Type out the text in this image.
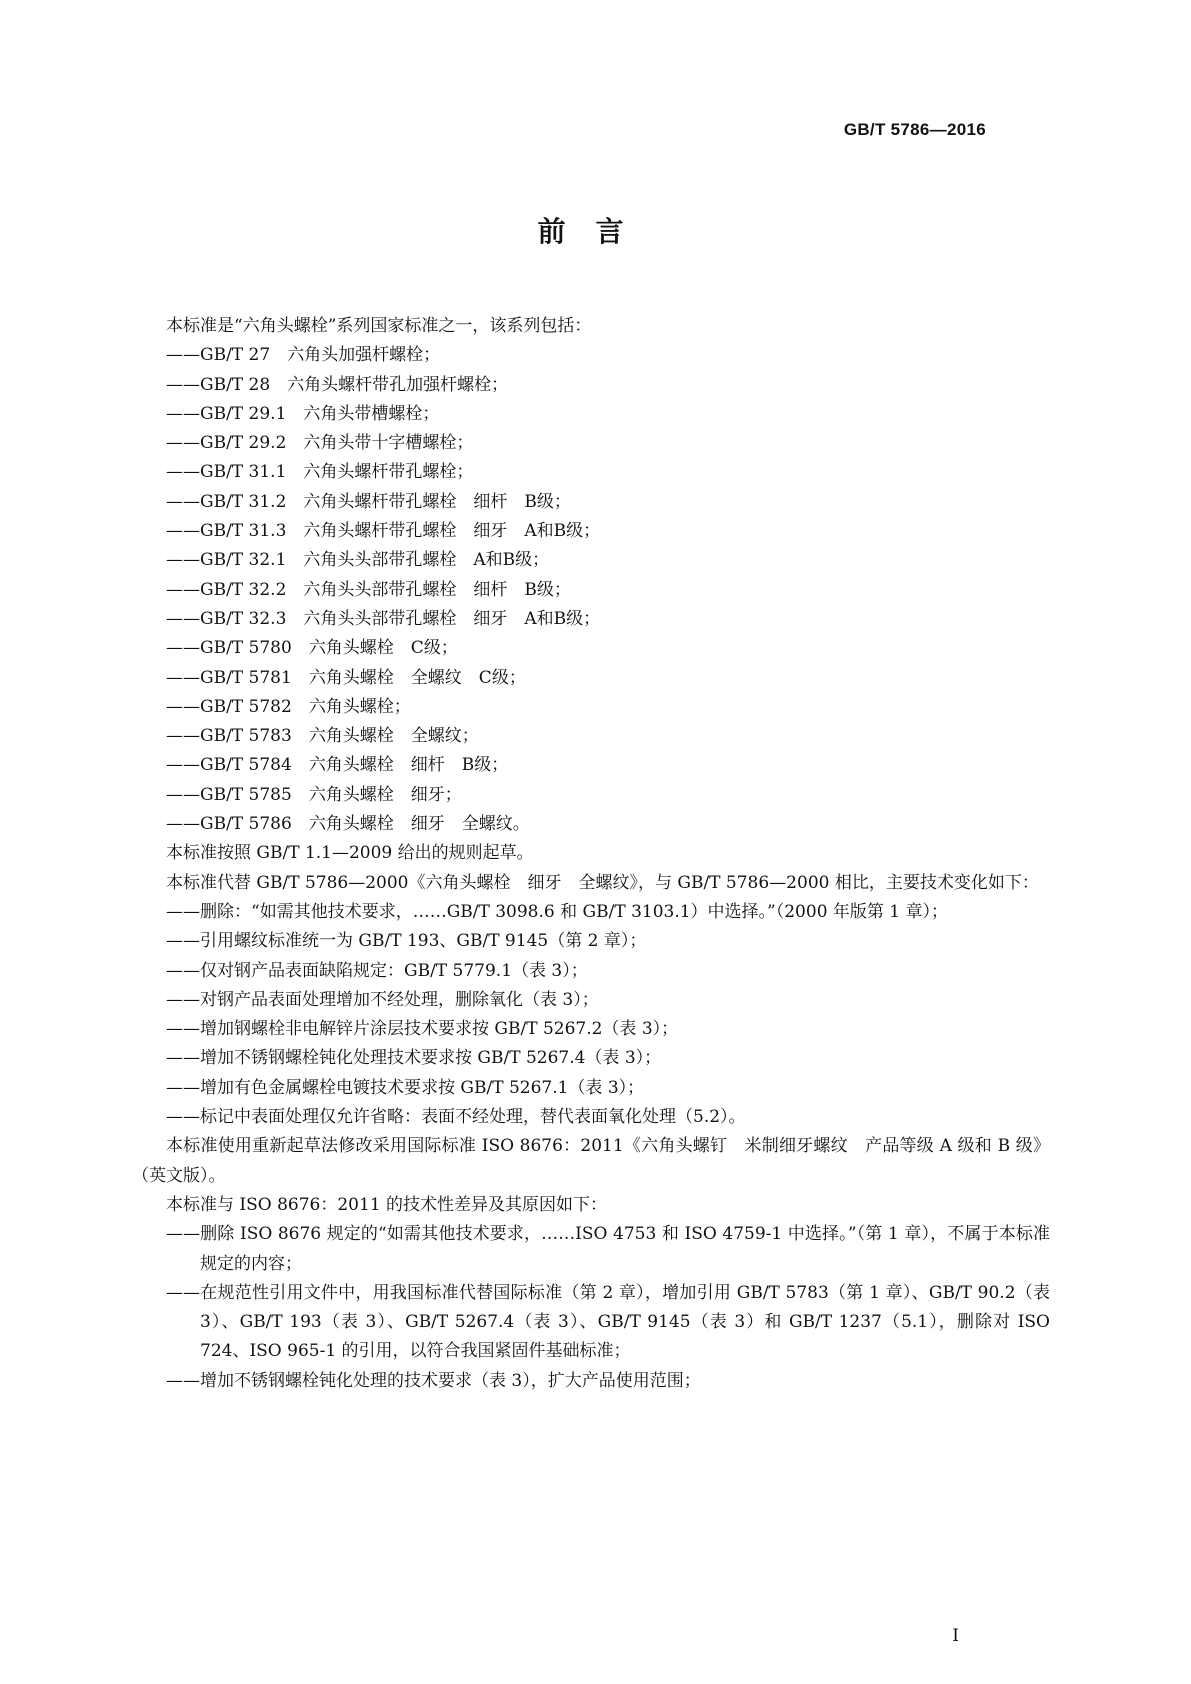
GB/T 5786—2016
前言

本标准是“六角头螺栓”系列国家标准之一，该系列包括：

——GB/T 27 六角头加强杆螺栓；
——GB/T 28 六角头螺杆带孔加强杆螺栓；
——GB/T 29.1 六角头带槽螺栓；
——GB/T 29.2 六角头带十字槽螺栓；
——GB/T 31.1 六角头螺杆带孔螺栓；
——GB/T 31.2 六角头螺杆带孔螺栓　细杆　B级；
——GB/T 31.3 六角头螺杆带孔螺栓　细牙　A和B级；
——GB/T 32.1 六角头头部带孔螺栓　A和B级；
——GB/T 32.2 六角头头部带孔螺栓　细杆　B级；
——GB/T 32.3 六角头头部带孔螺栓　细牙　A和B级；
——GB/T 5780 六角头螺栓　C级；
——GB/T 5781 六角头螺栓　全螺纹　C级；
——GB/T 5782 六角头螺栓；
——GB/T 5783 六角头螺栓　全螺纹；
——GB/T 5784 六角头螺栓　细杆　B级；
——GB/T 5785 六角头螺栓　细牙；
——GB/T 5786 六角头螺栓　细牙　全螺纹。

本标准按照 GB/T 1.1—2009 给出的规则起草。

本标准代替 GB/T 5786—2000《六角头螺栓　细牙　全螺纹》，与 GB/T 5786—2000 相比，主要技术变化如下：

——删除：“如需其他技术要求，……GB/T 3098.6 和 GB/T 3103.1）中选择。”（2000 年版第 1 章）；

——引用螺纹标准统一为 GB/T 193、GB/T 9145（第 2 章）；

——仅对钢产品表面缺陷规定：GB/T 5779.1（表 3）；

——对钢产品表面处理增加不经处理，删除氧化（表 3）；

——增加钢螺栓非电解锌片涂层技术要求按 GB/T 5267.2（表 3）；

——增加不锈钢螺栓钝化处理技术要求按 GB/T 5267.4（表 3）；

——增加有色金属螺栓电镀技术要求按 GB/T 5267.1（表 3）；

——标记中表面处理仅允许省略：表面不经处理，替代表面氧化处理（5.2）。

本标准使用重新起草法修改采用国际标准 ISO 8676：2011《六角头螺钉　米制细牙螺纹　产品等级 A 级和 B 级》（英文版）。

本标准与 ISO 8676：2011 的技术性差异及其原因如下：

——删除 ISO 8676 规定的“如需其他技术要求，……ISO 4753 和 ISO 4759-1 中选择。”（第 1 章），不属于本标准规定的内容；

——在规范性引用文件中，用我国标准代替国际标准（第 2 章），增加引用 GB/T 5783（第 1 章）、GB/T 90.2（表 3）、GB/T 193（表 3）、GB/T 5267.4（表 3）、GB/T 9145（表 3）和 GB/T 1237（5.1），删除对 ISO 724、ISO 965-1 的引用，以符合我国紧固件基础标准；

——增加不锈钢螺栓钝化处理的技术要求（表 3），扩大产品使用范围；

I
